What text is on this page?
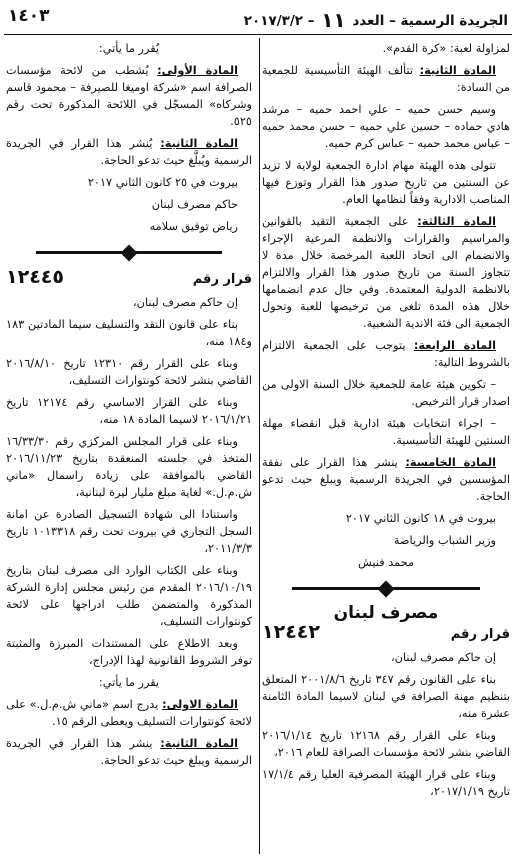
الجريدة الرسمية – العدد ١١ – ٢٠١٧/٣/٢
١٤٠٣

لمزاولة لعبة: «كرة القدم».

المادة الثانية: تتألف الهيئة التأسيسية للجمعية من السادة:

وسيم حسن حميه – علي احمد حميه – مرشد هادي حماده – حسين علي حميه – حسن محمد حميه – عباس محمد حميه – عباس كرم حميه.

تتولى هذه الهيئة مهام ادارة الجمعية لولاية لا تزيد عن السنتين من تاريخ صدور هذا القرار وتوزع فيها المناصب الادارية وفقاً لنظامها العام.

المادة الثالثة: على الجمعية التقيد بالقوانين والمراسيم والقرارات والانظمة المرعية الإجراء والانضمام الى اتحاد اللعبة المرخصة خلال مدة لا تتجاوز السنة من تاريخ صدور هذا القرار والالتزام بالانظمة الدولية المعتمدة. وفي حال عدم انضمامها خلال هذه المدة تلغى من ترخيصها للعبة وتحول الجمعية الى فئة الاندية الشعبية.

المادة الرابعة: يتوجب على الجمعية الالتزام بالشروط التالية:

– تكوين هيئة عامة للجمعية خلال السنة الاولى من اصدار قرار الترخيص.

– اجراء انتخابات هيئة ادارية قبل انقضاء مهلة السنتين للهيئة التأسيسية.

المادة الخامسة: ينشر هذا القرار على نفقة المؤسسين في الجريدة الرسمية ويبلغ حيث تدعو الحاجة.

بيروت في ١٨ كانون الثاني ٢٠١٧

وزير الشباب والرياضة

محمد فنيش

مصرف لبنان
قرار رقم
١٢٤٤٢

إن حاكم مصرف لبنان،

بناء على القانون رقم ٣٤٧ تاريخ ٢٠٠١/٨/٦ المتعلق بتنظيم مهنة الصرافة في لبنان لاسيما المادة الثامنة عشرة منه،

وبناء على القرار رقم ١٢١٦٨ تاريخ ٢٠١٦/١/١٤ القاضي بنشر لائحة مؤسسات الصرافة للعام ٢٠١٦،

وبناء على قرار الهيئة المصرفية العليا رقم ١٧/١/٤ تاريخ ٢٠١٧/١/١٩،

يُقرر ما يأتي:

المادة الأولى: يُشطب من لائحة مؤسسات الصرافة اسم «شركة اوميغا للصيرفة – محمود قاسم وشركاه» المسجّل في اللائحة المذكورة تحت رقم ٥٢٥.

المادة الثانية: يُنشر هذا القرار في الجريدة الرسمية ويُبلَّغ حيث تدعو الحاجة.

بيروت في ٢٥ كانون الثاني ٢٠١٧

حاكم مصرف لبنان

رياض توفيق سلامه

قرار رقم
١٢٤٤٥

إن حاكم مصرف لبنان،

بناء على قانون النقد والتسليف سيما المادتين ١٨٣ و١٨٤ منه،

وبناء على القرار رقم ١٢٣١٠ تاريخ ٢٠١٦/٨/١٠ القاضي بنشر لائحة كونتوارات التسليف،

وبناء على القرار الاساسي رقم ١٢١٧٤ تاريخ ٢٠١٦/١/٢١ لاسيما المادة ١٨ منه،

وبناء على قرار المجلس المركزي رقم ١٦/٣٣/٣٠ المتخذ في جلسته المنعقدة بتاريخ ٢٠١٦/١١/٢٣ القاضي بالموافقة على زيادة راسمال «ماني ش.م.ل.» لغاية مبلغ مليار ليرة لبنانية،

واستنادا الى شهادة التسجيل الصادرة عن امانة السجل التجاري في بيروت تحت رقم ١٠١٣٣١٨ تاريخ ٢٠١١/٣/٣،

وبناء على الكتاب الوارد الى مصرف لبنان بتاريخ ٢٠١٦/١٠/١٩ المقدم من رئيس مجلس إدارة الشركة المذكورة والمتضمن طلب ادراجها على لائحة كونتوارات التسليف،

وبعد الاطلاع على المستندات المبرزة والمثبتة توفر الشروط القانونية لهذا الإدراج،

يقرر ما يأتي:

المادة الاولى: يدرج اسم «ماني ش.م.ل.» على لائحة كونتوارات التسليف ويعطى الرقم ١٥.

المادة الثانية: ينشر هذا القرار في الجريدة الرسمية ويبلغ حيث تدعو الحاجة.
